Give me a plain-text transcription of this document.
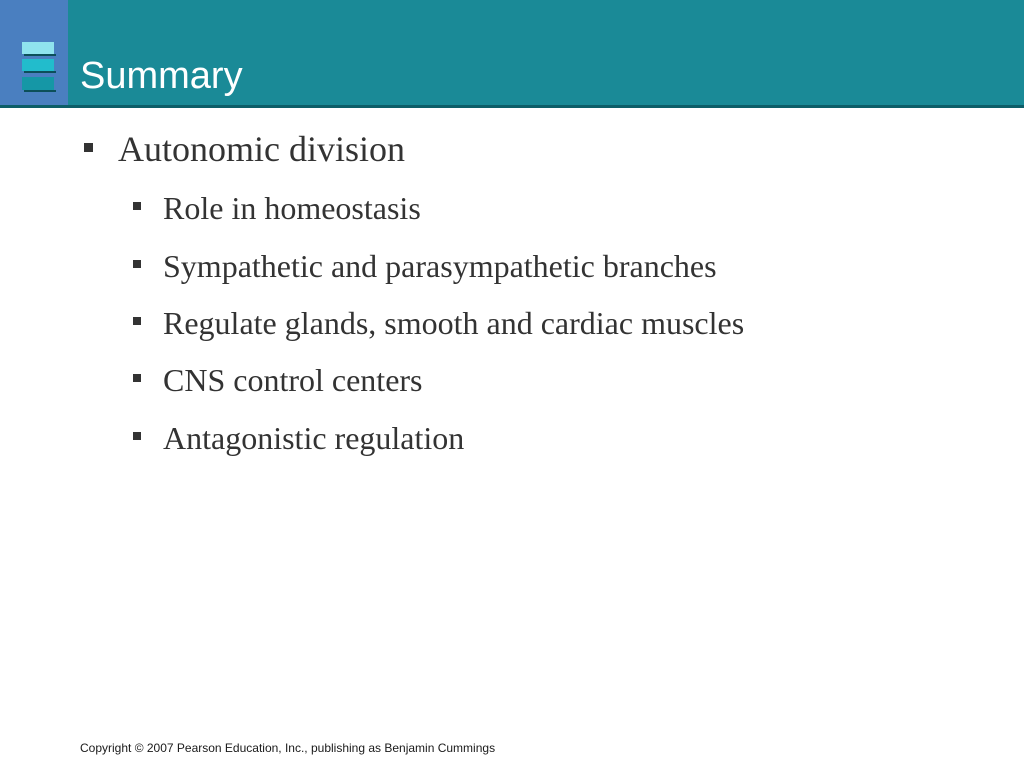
Summary
Autonomic division
Role in homeostasis
Sympathetic and parasympathetic branches
Regulate glands, smooth and cardiac muscles
CNS control centers
Antagonistic regulation
Copyright © 2007 Pearson Education, Inc., publishing as Benjamin Cummings
